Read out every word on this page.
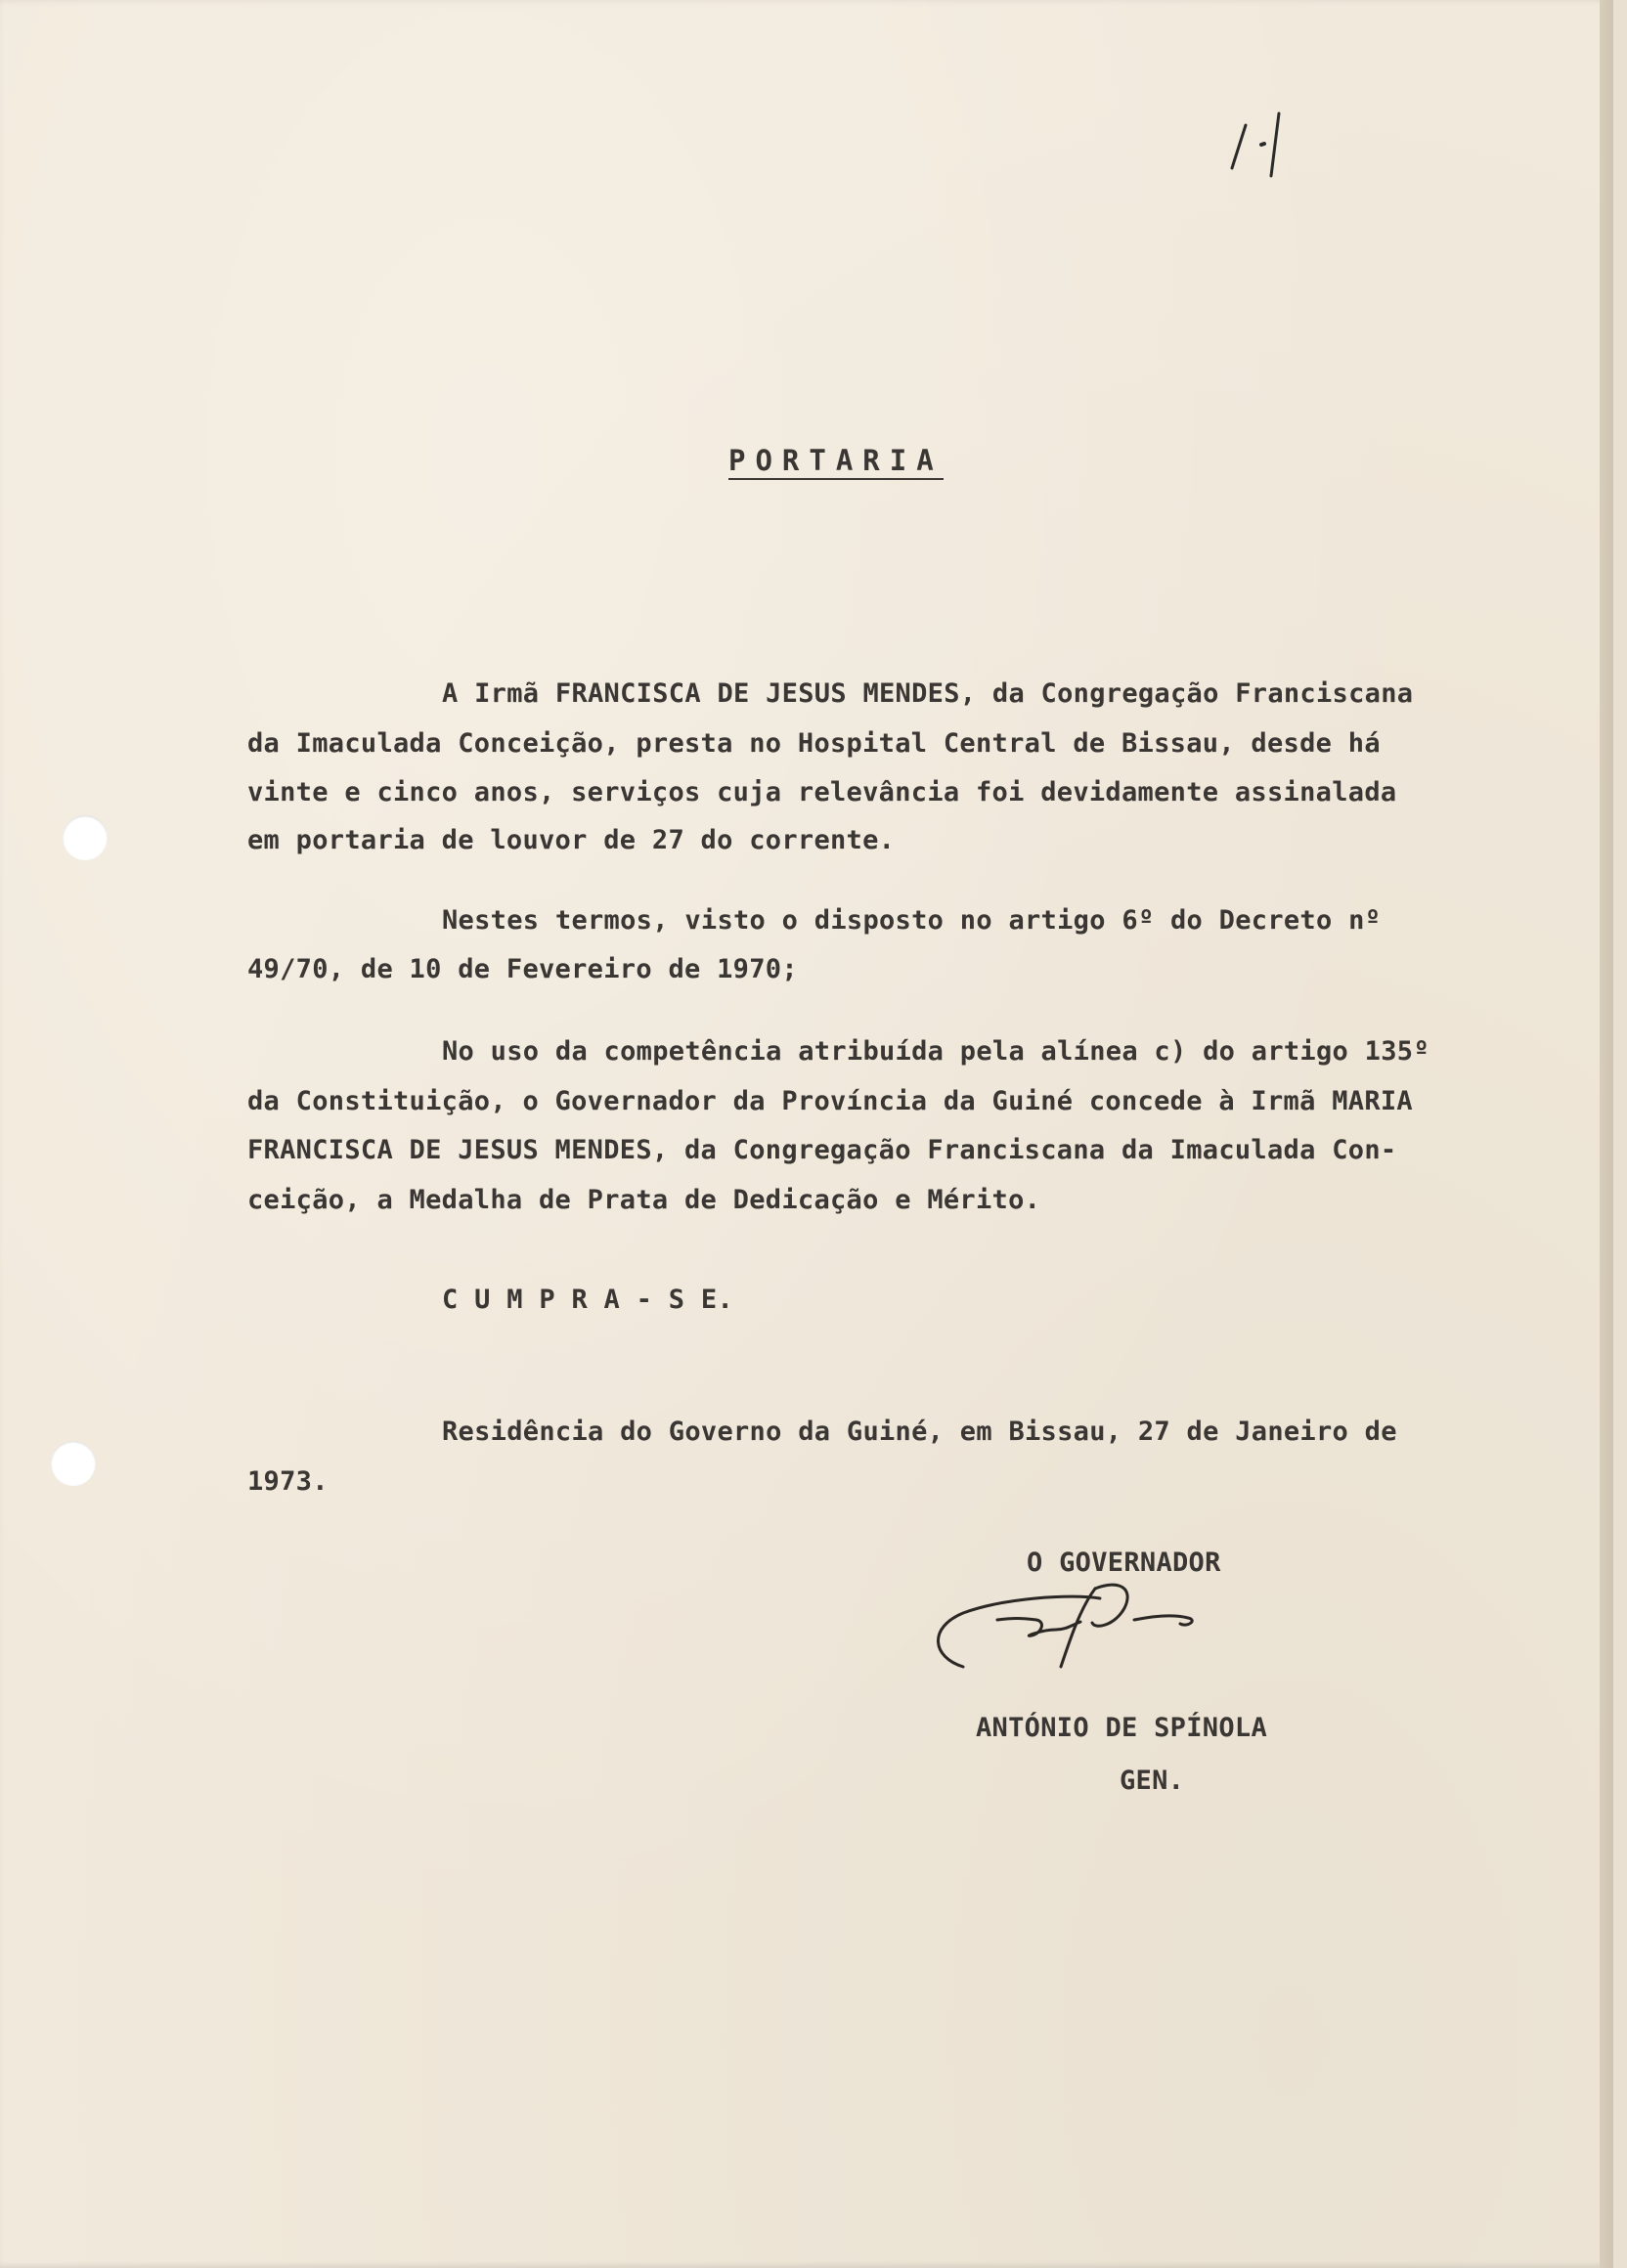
PORTARIA
A Irmã FRANCISCA DE JESUS MENDES, da Congregação Franciscana
da Imaculada Conceição, presta no Hospital Central de Bissau, desde há
vinte e cinco anos, serviços cuja relevância foi devidamente assinalada
em portaria de louvor de 27 do corrente.
Nestes termos, visto o disposto no artigo 6º do Decreto nº
49/70, de 10 de Fevereiro de 1970;
No uso da competência atribuída pela alínea c) do artigo 135º
da Constituição, o Governador da Província da Guiné concede à Irmã MARIA
FRANCISCA DE JESUS MENDES, da Congregação Franciscana da Imaculada Con-
ceição, a Medalha de Prata de Dedicação e Mérito.
C U M P R A - S E.
Residência do Governo da Guiné, em Bissau, 27 de Janeiro de
1973.
O GOVERNADOR
ANTÓNIO DE SPÍNOLA
GEN.
